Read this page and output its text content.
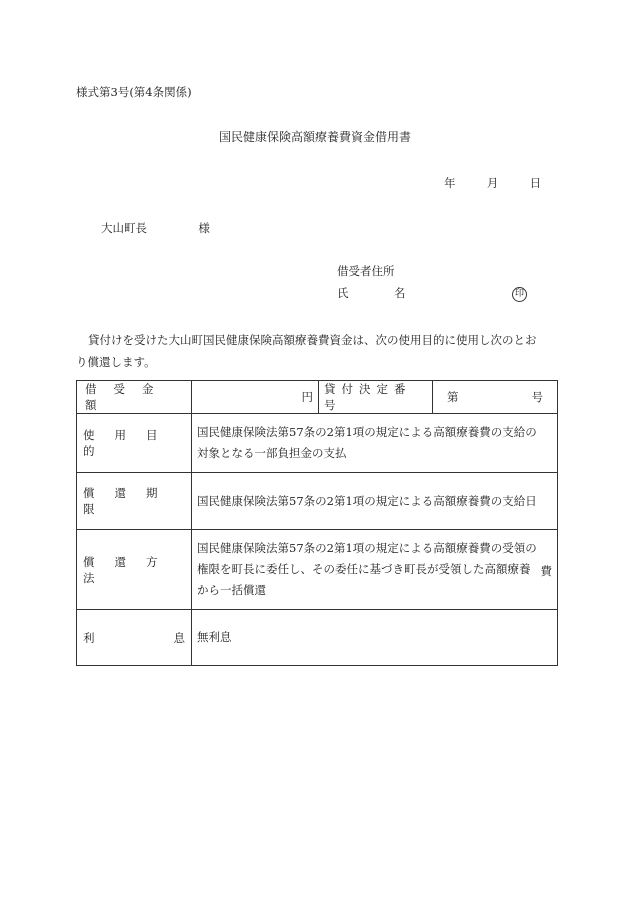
様式第3号(第4条関係)
国民健康保険高額療養費資金借用書
年	月	日
大山町長	様
借受者住所
氏	名	印
貸付けを受けた大山町国民健康保険高額療養費資金は、次の使用目的に使用し次のとお
り償還します。
借受金額	円	貸付決定番号	第 号

使用目的	国民健康保険法第57条の2第1項の規定による高額療養費の支給の
対象となる一部負担金の支払		

償還期限	国民健康保険法第57条の2第1項の規定による高額療養費の支給日		

償還方法	国民健康保険法第57条の2第1項の規定による高額療養費の受領の
権限を町長に委任し、その委任に基づき町長が受領した高額療養 費
から一括償還		

利 息	無利息		
